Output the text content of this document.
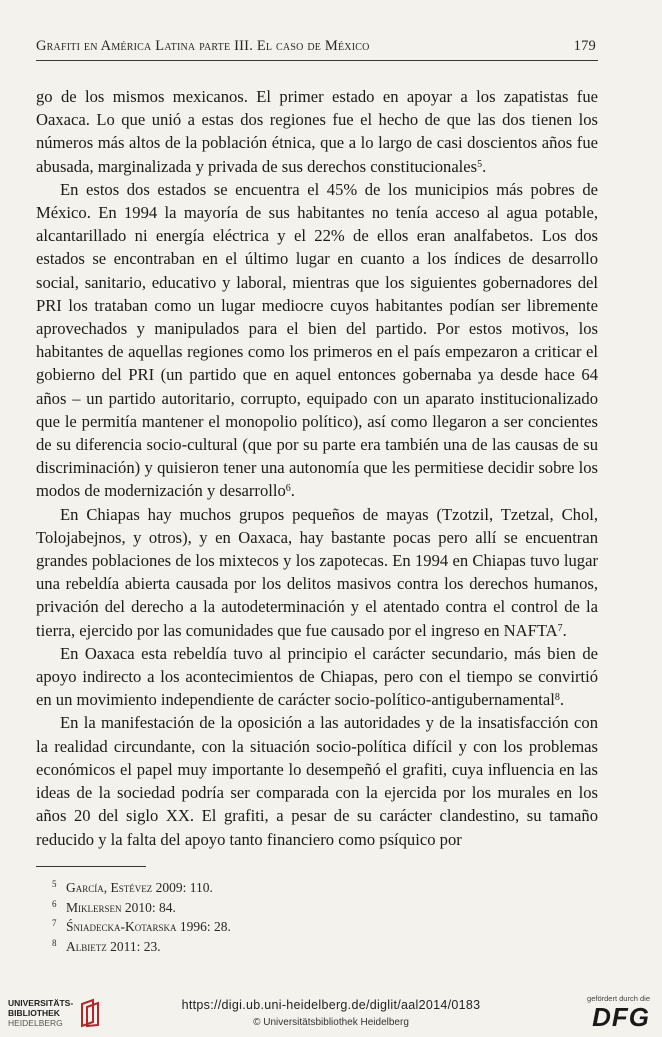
Grafiti en América Latina parte III. El caso de México	179

go de los mismos mexicanos. El primer estado en apoyar a los zapatistas fue Oaxaca. Lo que unió a estas dos regiones fue el hecho de que las dos tienen los números más altos de la población étnica, que a lo largo de casi doscientos años fue abusada, marginalizada y privada de sus derechos constitucionales$^5$.

En estos dos estados se encuentra el 45% de los municipios más pobres de México. En 1994 la mayoría de sus habitantes no tenía acceso al agua potable, alcantarillado ni energía eléctrica y el 22% de ellos eran analfabetos. Los dos estados se encontraban en el último lugar en cuanto a los índices de desarrollo social, sanitario, educativo y laboral, mientras que los siguientes gobernadores del PRI los trataban como un lugar mediocre cuyos habitantes podían ser libremente aprovechados y manipulados para el bien del partido. Por estos motivos, los habitantes de aquellas regiones como los primeros en el país empezaron a criticar el gobierno del PRI (un partido que en aquel entonces gobernaba ya desde hace 64 años – un partido autoritario, corrupto, equipado con un aparato institucionalizado que le permitía mantener el monopolio político), así como llegaron a ser concientes de su diferencia socio-cultural (que por su parte era también una de las causas de su discriminación) y quisieron tener una autonomía que les permitiese decidir sobre los modos de modernización y desarrollo$^6$.

En Chiapas hay muchos grupos pequeños de mayas (Tzotzil, Tzetzal, Chol, Tolojabejnos, y otros), y en Oaxaca, hay bastante pocas pero allí se encuentran grandes poblaciones de los mixtecos y los zapotecas. En 1994 en Chiapas tuvo lugar una rebeldía abierta causada por los delitos masivos contra los derechos humanos, privación del derecho a la autodeterminación y el atentado contra el control de la tierra, ejercido por las comunidades que fue causado por el ingreso en NAFTA$^7$.

En Oaxaca esta rebeldía tuvo al principio el carácter secundario, más bien de apoyo indirecto a los acontecimientos de Chiapas, pero con el tiempo se convirtió en un movimiento independiente de carácter socio-político-antigubernamental$^8$.

En la manifestación de la oposición a las autoridades y de la insatisfacción con la realidad circundante, con la situación socio-política difícil y con los problemas económicos el papel muy importante lo desempeñó el grafiti, cuya influencia en las ideas de la sociedad podría ser comparada con la ejercida por los murales en los años 20 del siglo XX. El grafiti, a pesar de su carácter clandestino, su tamaño reducido y la falta del apoyo tanto financiero como psíquico por

5 García, Estévez 2009: 110.
6 Miklersen 2010: 84.
7 Śniadecka-Kotarska 1996: 28.
8 Albietz 2011: 23.
UNIVERSITÄTS-
BIBLIOTHEK
HEIDELBERG
https://digi.ub.uni-heidelberg.de/diglit/aal2014/0183
© Universitätsbibliothek Heidelberg
gefördert durch die
DFG
